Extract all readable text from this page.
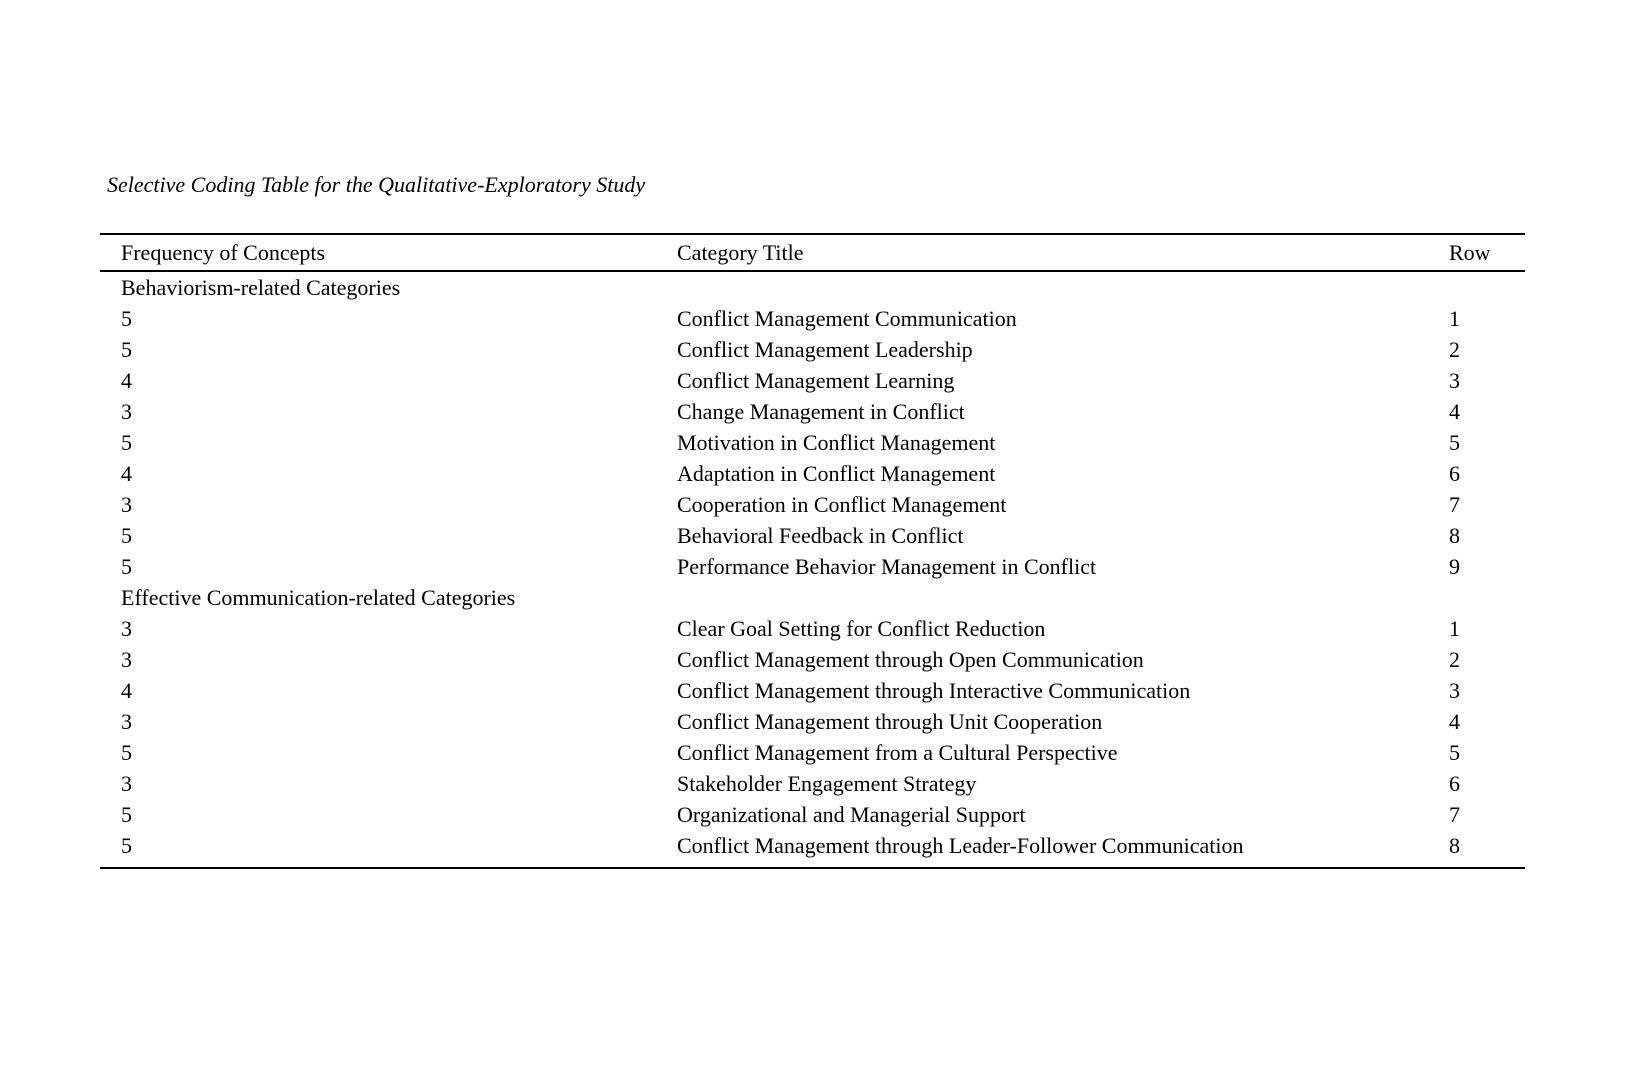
Selective Coding Table for the Qualitative-Exploratory Study
Frequency of Concepts	Category Title	Row
Behaviorism-related Categories		
5	Conflict Management Communication	1
5	Conflict Management Leadership	2
4	Conflict Management Learning	3
3	Change Management in Conflict	4
5	Motivation in Conflict Management	5
4	Adaptation in Conflict Management	6
3	Cooperation in Conflict Management	7
5	Behavioral Feedback in Conflict	8
5	Performance Behavior Management in Conflict	9
Effective Communication-related Categories		
3	Clear Goal Setting for Conflict Reduction	1
3	Conflict Management through Open Communication	2
4	Conflict Management through Interactive Communication	3
3	Conflict Management through Unit Cooperation	4
5	Conflict Management from a Cultural Perspective	5
3	Stakeholder Engagement Strategy	6
5	Organizational and Managerial Support	7
5	Conflict Management through Leader-Follower Communication	8
